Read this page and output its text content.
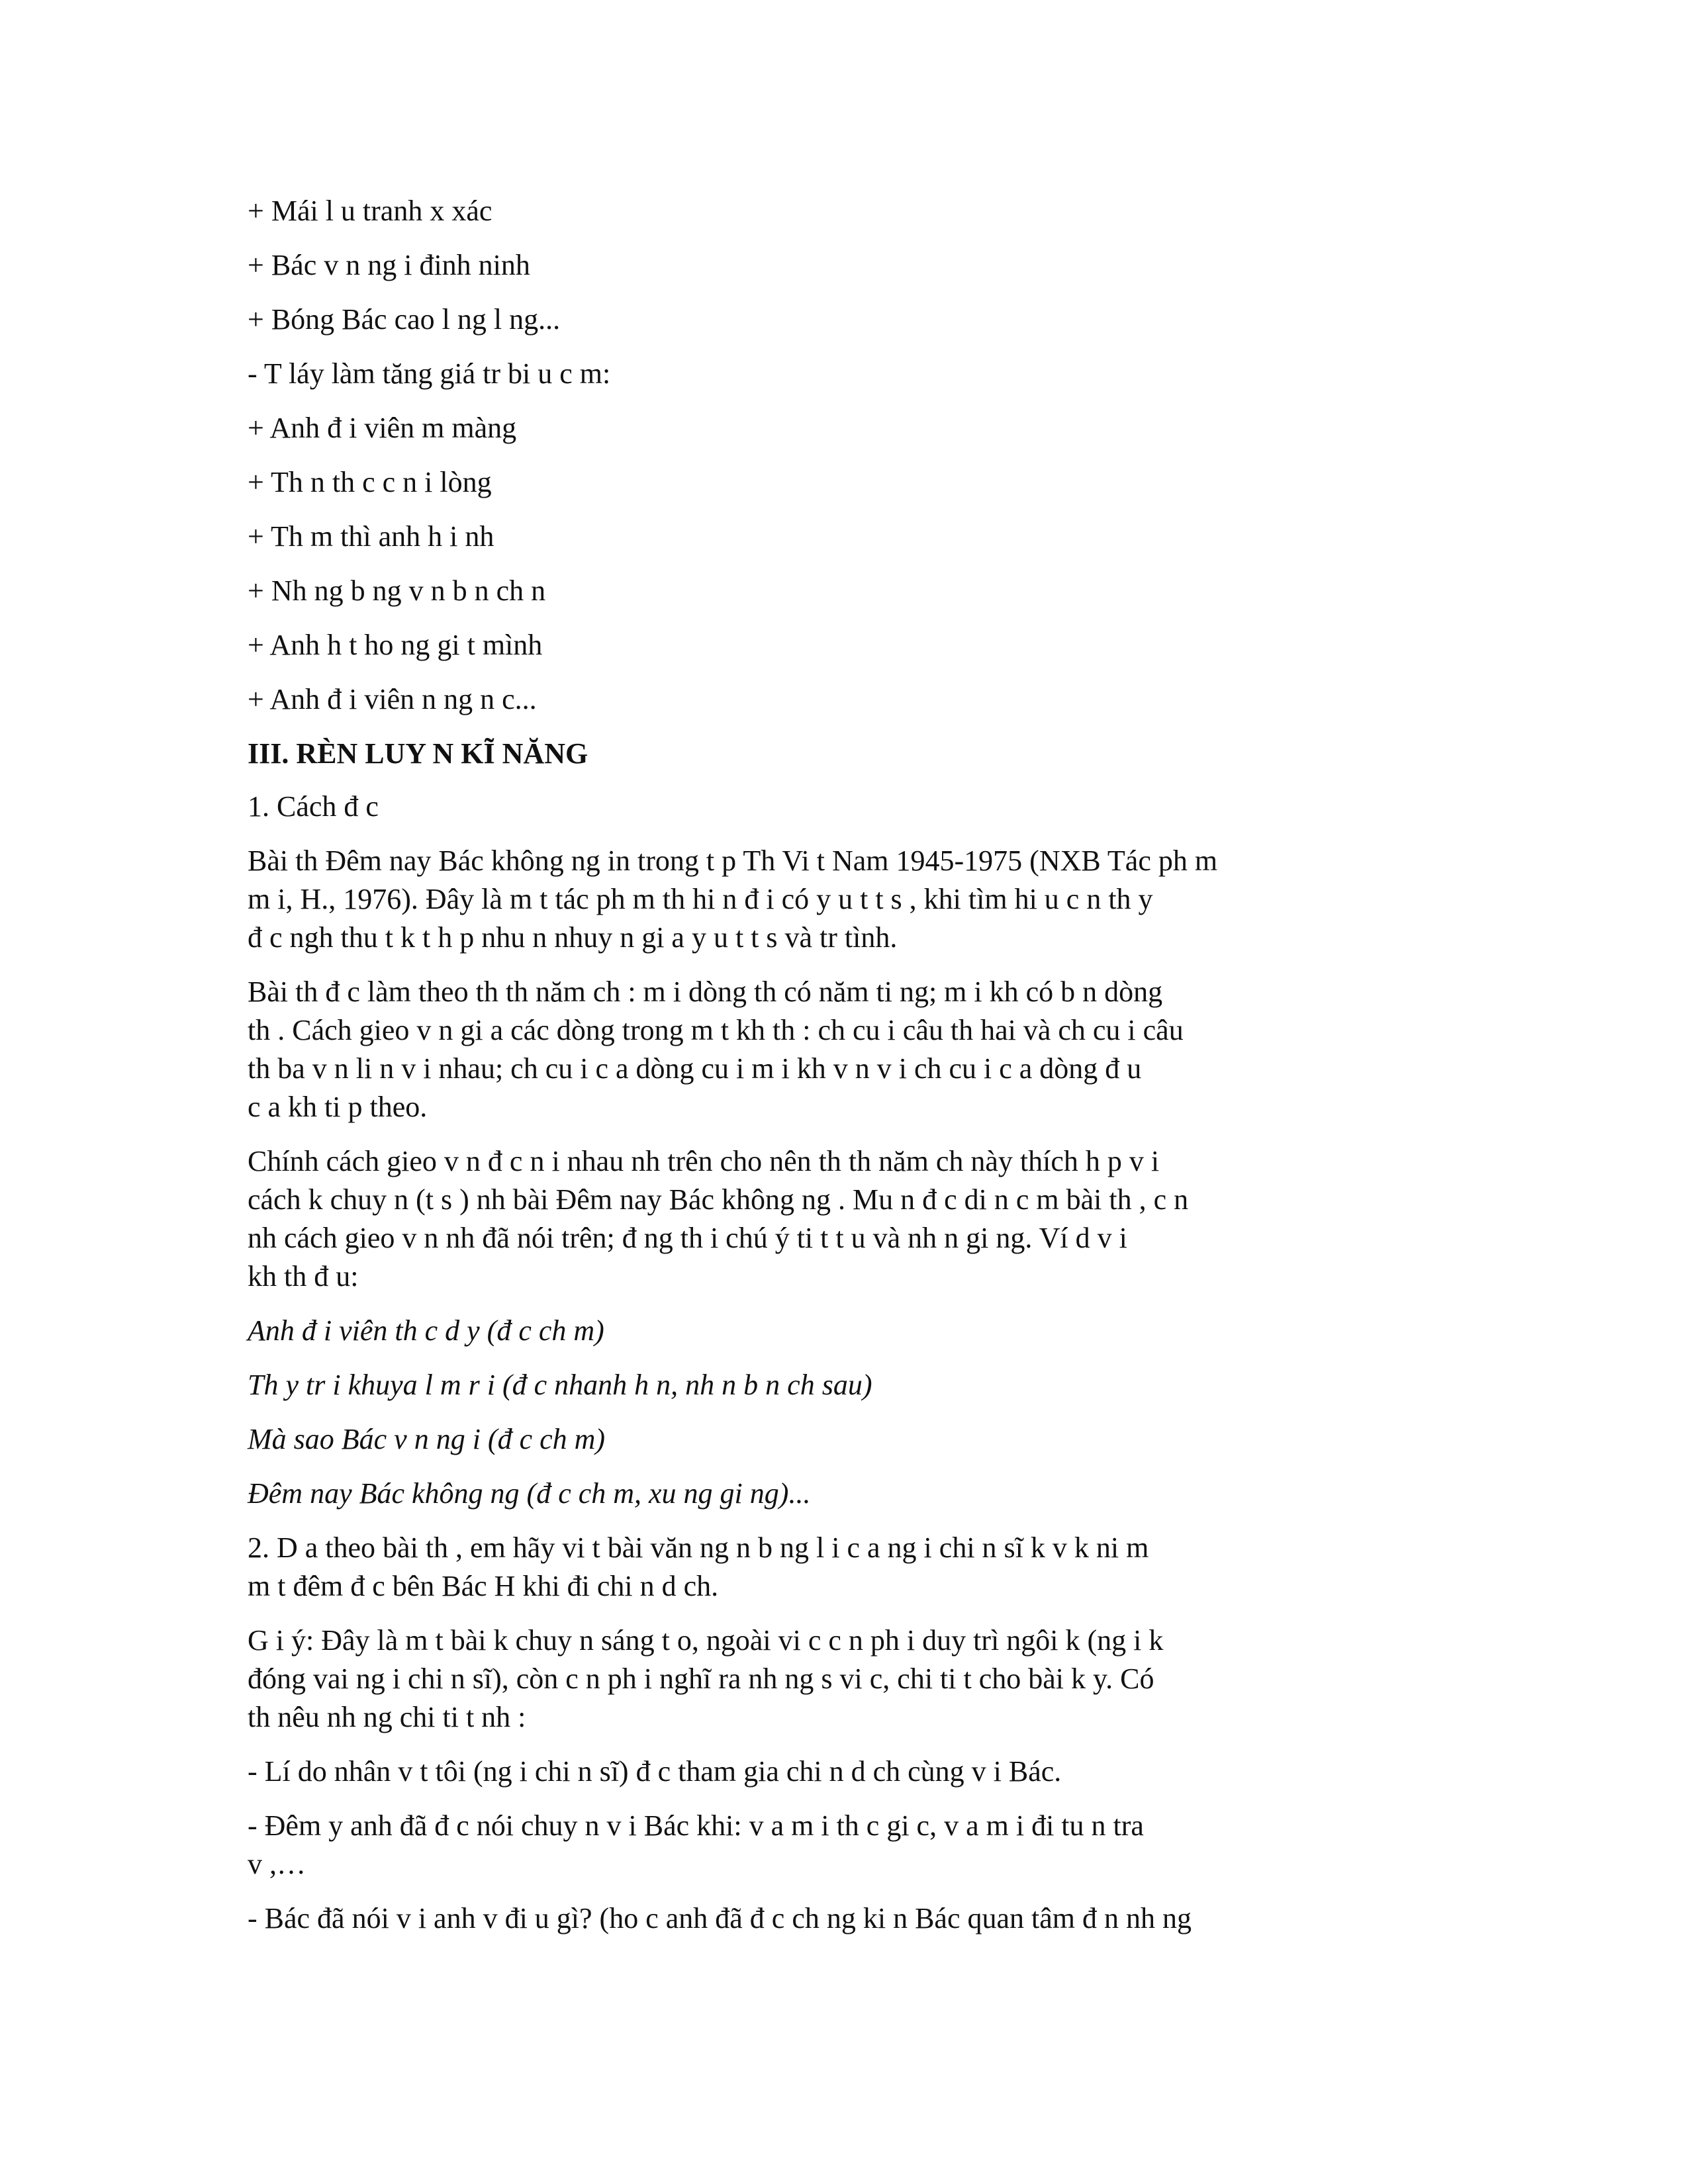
+ Mái l u tranh x xác
+ Bác v n ng i đinh ninh
+ Bóng Bác cao l ng l ng...
- T láy làm tăng giá tr bi u c m:
+ Anh đ i viên m màng
+ Th n th c c n i lòng
+ Th m thì anh h i nh
+ Nh ng b ng v n b n ch n
+ Anh h t ho ng gi t mình
+ Anh đ i viên n ng n c...
III. RÈN LUY N KĨ NĂNG
1. Cách đ c

Bài th Đêm nay Bác không ng in trong t p Th Vi t Nam 1945-1975 (NXB Tác ph m
m i, H., 1976). Đây là m t tác ph m th hi n đ i có y u t t s , khi tìm hi u c n th y
đ c ngh thu t k t h p nhu n nhuy n gi a y u t t s và tr tình.

Bài th đ c làm theo th th năm ch : m i dòng th có năm ti ng; m i kh có b n dòng
th . Cách gieo v n gi a các dòng trong m t kh th : ch cu i câu th hai và ch cu i câu
th ba v n li n v i nhau; ch cu i c a dòng cu i m i kh v n v i ch cu i c a dòng đ u
c a kh ti p theo.

Chính cách gieo v n đ c n i nhau nh trên cho nên th th năm ch này thích h p v i
cách k chuy n (t s ) nh bài Đêm nay Bác không ng . Mu n đ c di n c m bài th , c n
nh cách gieo v n nh đã nói trên; đ ng th i chú ý ti t t u và nh n gi ng. Ví d v i
kh th đ u:

Anh đ i viên th c d y (đ c ch m)
Th y tr i khuya l m r i (đ c nhanh h n, nh n b n ch sau)
Mà sao Bác v n ng i (đ c ch m)
Đêm nay Bác không ng (đ c ch m, xu ng gi ng)...

2. D a theo bài th , em hãy vi t bài văn ng n b ng l i c a ng i chi n sĩ k v k ni m
m t đêm đ c bên Bác H khi đi chi n d ch.

G i ý: Đây là m t bài k chuy n sáng t o, ngoài vi c c n ph i duy trì ngôi k (ng i k
đóng vai ng i chi n sĩ), còn c n ph i nghĩ ra nh ng s vi c, chi ti t cho bài k y. Có
th nêu nh ng chi ti t nh :

- Lí do nhân v t tôi (ng i chi n sĩ) đ c tham gia chi n d ch cùng v i Bác.

- Đêm y anh đã đ c nói chuy n v i Bác khi: v a m i th c gi c, v a m i đi tu n tra
v ,…

- Bác đã nói v i anh v đi u gì? (ho c anh đã đ c ch ng ki n Bác quan tâm đ n nh ng
